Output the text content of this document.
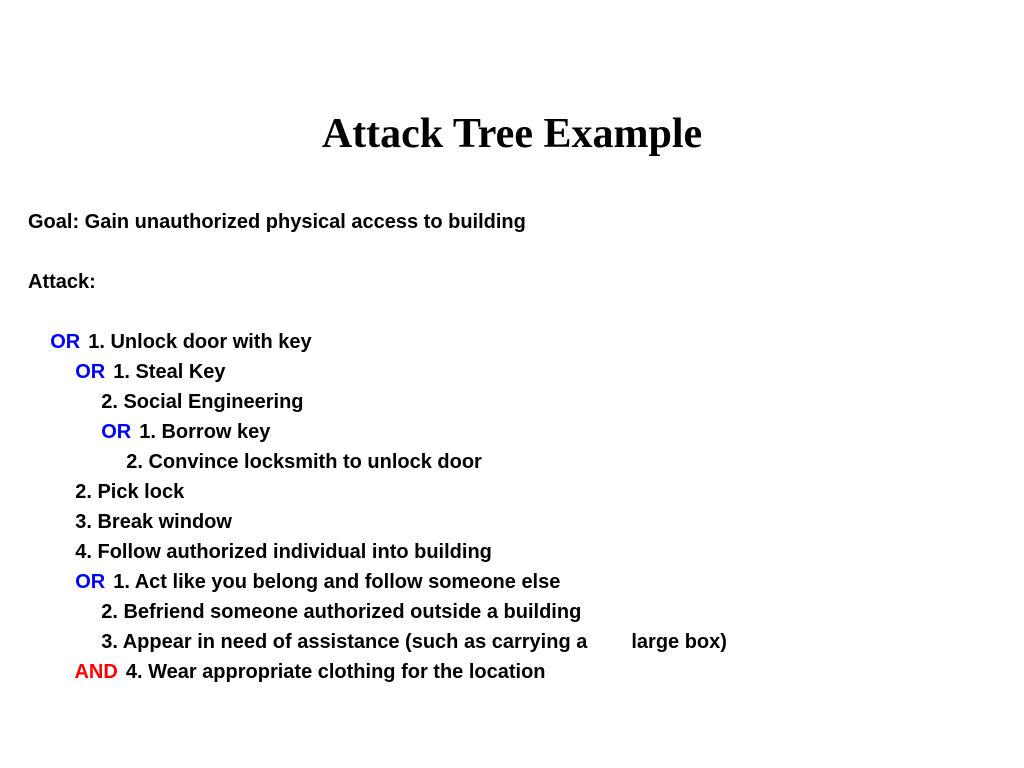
Attack Tree Example
Goal: Gain unauthorized physical access to building
Attack:

OR 1. Unlock door with key

OR 1. Steal Key

2. Social Engineering

OR 1. Borrow key

2. Convince locksmith to unlock door

2. Pick lock

3. Break window

4. Follow authorized individual into building

OR 1. Act like you belong and follow someone else

2. Befriend someone authorized outside a building

3. Appear in need of assistance (such as carrying a large box)

AND 4. Wear appropriate clothing for the location
